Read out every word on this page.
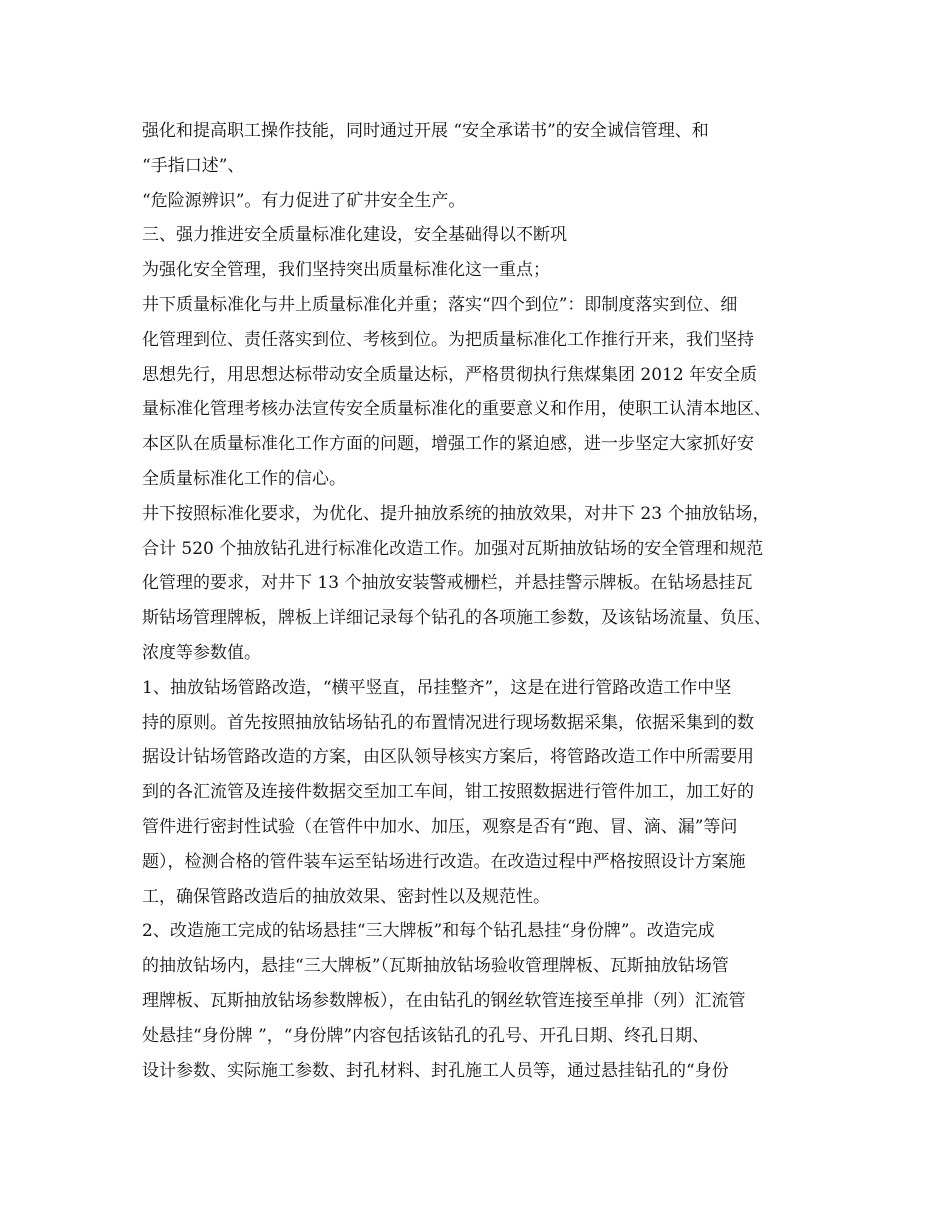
强化和提高职工操作技能，同时通过开展 “安全承诺书”的安全诚信管理、和
“手指口述”、
“危险源辨识”。有力促进了矿井安全生产。
三、强力推进安全质量标准化建设，安全基础得以不断巩
为强化安全管理，我们坚持突出质量标准化这一重点；
井下质量标准化与井上质量标准化并重；落实“四个到位”：即制度落实到位、细
化管理到位、责任落实到位、考核到位。为把质量标准化工作推行开来，我们坚持
思想先行，用思想达标带动安全质量达标，严格贯彻执行焦煤集团 2012 年安全质
量标准化管理考核办法宣传安全质量标准化的重要意义和作用，使职工认清本地区、
本区队在质量标准化工作方面的问题，增强工作的紧迫感，进一步坚定大家抓好安
全质量标准化工作的信心。
井下按照标准化要求，为优化、提升抽放系统的抽放效果，对井下 23 个抽放钻场，
合计 520 个抽放钻孔进行标准化改造工作。加强对瓦斯抽放钻场的安全管理和规范
化管理的要求，对井下 13 个抽放安装警戒栅栏，并悬挂警示牌板。在钻场悬挂瓦
斯钻场管理牌板，牌板上详细记录每个钻孔的各项施工参数，及该钻场流量、负压、
浓度等参数值。
1、抽放钻场管路改造，“横平竖直，吊挂整齐”，这是在进行管路改造工作中坚
持的原则。首先按照抽放钻场钻孔的布置情况进行现场数据采集，依据采集到的数
据设计钻场管路改造的方案，由区队领导核实方案后，将管路改造工作中所需要用
到的各汇流管及连接件数据交至加工车间，钳工按照数据进行管件加工，加工好的
管件进行密封性试验（在管件中加水、加压，观察是否有“跑、冒、滴、漏”等问
题），检测合格的管件装车运至钻场进行改造。在改造过程中严格按照设计方案施
工，确保管路改造后的抽放效果、密封性以及规范性。
2、改造施工完成的钻场悬挂“三大牌板”和每个钻孔悬挂“身份牌”。改造完成
的抽放钻场内，悬挂“三大牌板”（瓦斯抽放钻场验收管理牌板、瓦斯抽放钻场管
理牌板、瓦斯抽放钻场参数牌板），在由钻孔的钢丝软管连接至单排（列）汇流管
处悬挂“身份牌 ”，“身份牌”内容包括该钻孔的孔号、开孔日期、终孔日期、
设计参数、实际施工参数、封孔材料、封孔施工人员等，通过悬挂钻孔的“身份
